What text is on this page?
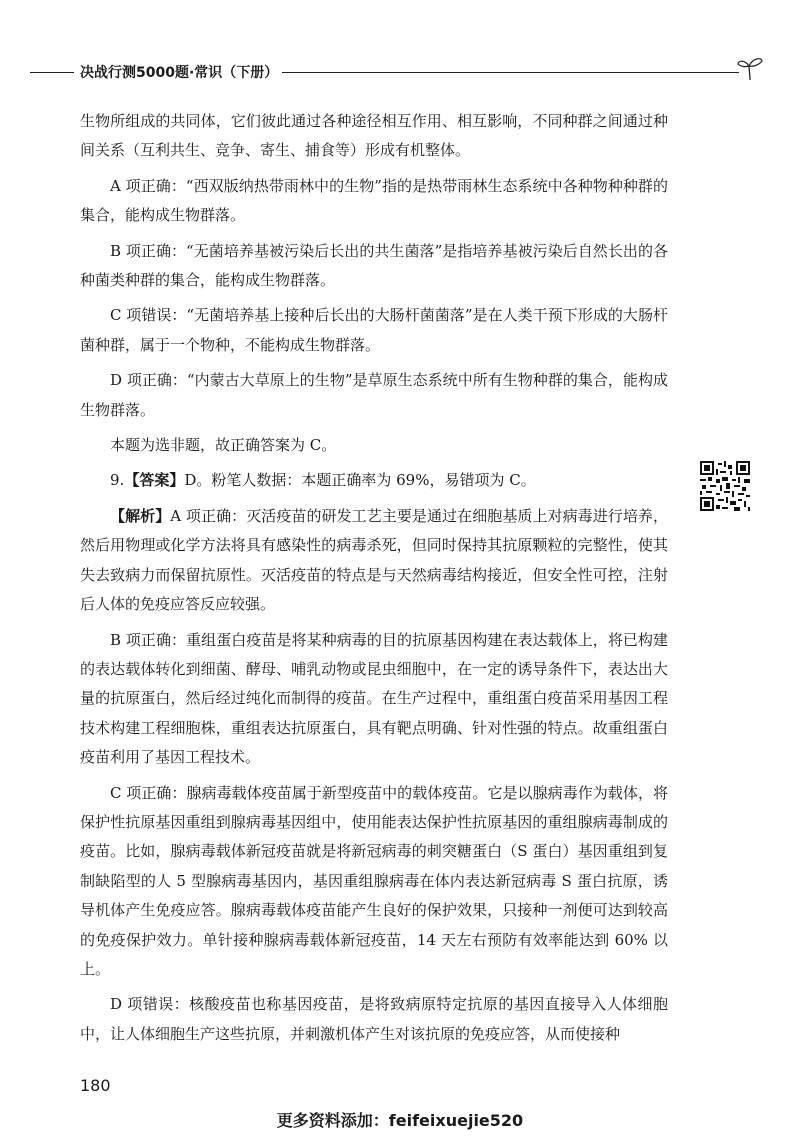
决战行测5000题·常识（下册）

生物所组成的共同体，它们彼此通过各种途径相互作用、相互影响，不同种群之间通过种间关系（互利共生、竞争、寄生、捕食等）形成有机整体。

A 项正确：“西双版纳热带雨林中的生物”指的是热带雨林生态系统中各种物种种群的集合，能构成生物群落。

B 项正确：“无菌培养基被污染后长出的共生菌落”是指培养基被污染后自然长出的各种菌类种群的集合，能构成生物群落。

C 项错误：“无菌培养基上接种后长出的大肠杆菌菌落”是在人类干预下形成的大肠杆菌种群，属于一个物种，不能构成生物群落。

D 项正确：“内蒙古大草原上的生物”是草原生态系统中所有生物种群的集合，能构成生物群落。

本题为选非题，故正确答案为 C。

9.【答案】D。粉笔人数据：本题正确率为 69%，易错项为 C。

【解析】A 项正确：灭活疫苗的研发工艺主要是通过在细胞基质上对病毒进行培养，然后用物理或化学方法将具有感染性的病毒杀死，但同时保持其抗原颗粒的完整性，使其失去致病力而保留抗原性。灭活疫苗的特点是与天然病毒结构接近，但安全性可控，注射后人体的免疫应答反应较强。

B 项正确：重组蛋白疫苗是将某种病毒的目的抗原基因构建在表达载体上，将已构建的表达载体转化到细菌、酵母、哺乳动物或昆虫细胞中，在一定的诱导条件下，表达出大量的抗原蛋白，然后经过纯化而制得的疫苗。在生产过程中，重组蛋白疫苗采用基因工程技术构建工程细胞株，重组表达抗原蛋白，具有靶点明确、针对性强的特点。故重组蛋白疫苗利用了基因工程技术。

C 项正确：腺病毒载体疫苗属于新型疫苗中的载体疫苗。它是以腺病毒作为载体，将保护性抗原基因重组到腺病毒基因组中，使用能表达保护性抗原基因的重组腺病毒制成的疫苗。比如，腺病毒载体新冠疫苗就是将新冠病毒的刺突糖蛋白（S 蛋白）基因重组到复制缺陷型的人 5 型腺病毒基因内，基因重组腺病毒在体内表达新冠病毒 S 蛋白抗原，诱导机体产生免疫应答。腺病毒载体疫苗能产生良好的保护效果，只接种一剂便可达到较高的免疫保护效力。单针接种腺病毒载体新冠疫苗，14 天左右预防有效率能达到 60% 以上。

D 项错误：核酸疫苗也称基因疫苗，是将致病原特定抗原的基因直接导入人体细胞中，让人体细胞生产这些抗原，并刺激机体产生对该抗原的免疫应答，从而使接种

180
更多资料添加：feifeixuejie520
